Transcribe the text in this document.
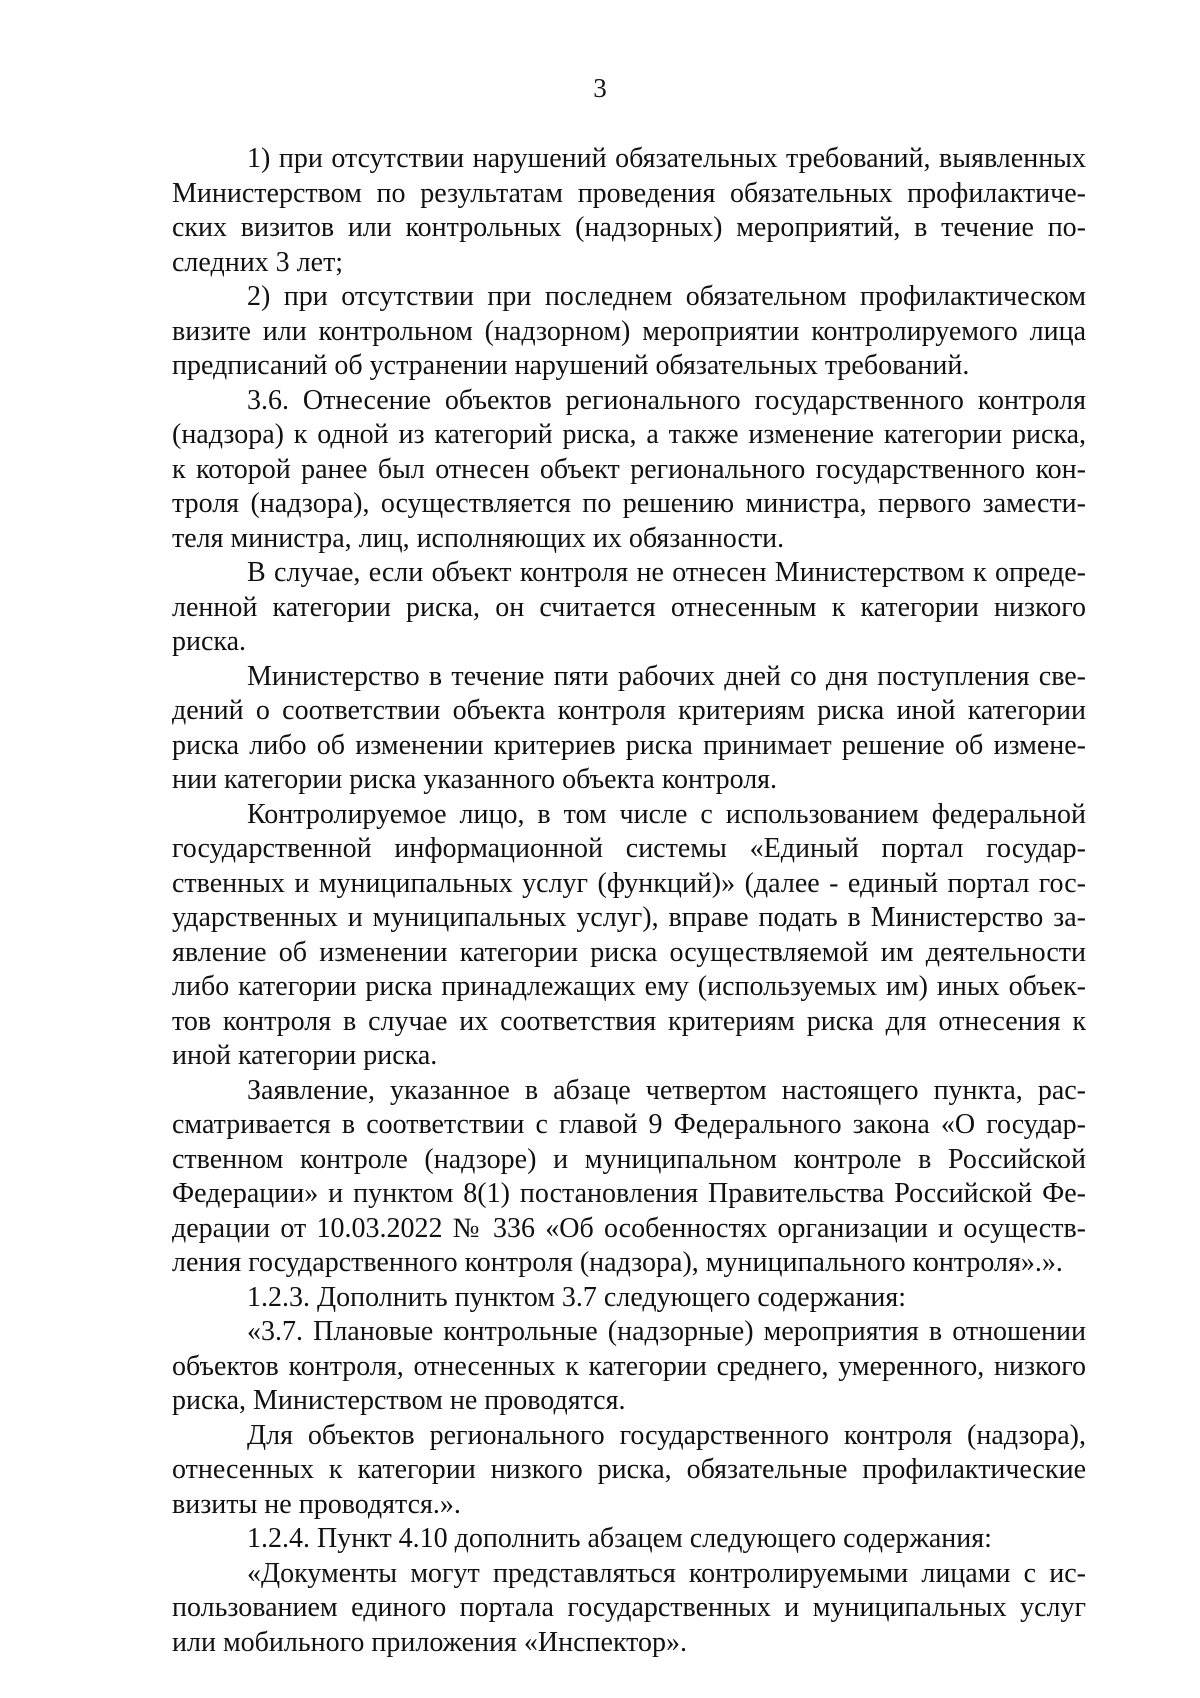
3
1) при отсутствии нарушений обязательных требований, выявленных
Министерством по результатам проведения обязательных профилактиче-
ских визитов или контрольных (надзорных) мероприятий, в течение по-
следних 3 лет;
2) при отсутствии при последнем обязательном профилактическом
визите или контрольном (надзорном) мероприятии контролируемого лица
предписаний об устранении нарушений обязательных требований.
3.6. Отнесение объектов регионального государственного контроля
(надзора) к одной из категорий риска, а также изменение категории риска,
к которой ранее был отнесен объект регионального государственного кон-
троля (надзора), осуществляется по решению министра, первого замести-
теля министра, лиц, исполняющих их обязанности.
В случае, если объект контроля не отнесен Министерством к опреде-
ленной категории риска, он считается отнесенным к категории низкого
риска.
Министерство в течение пяти рабочих дней со дня поступления све-
дений о соответствии объекта контроля критериям риска иной категории
риска либо об изменении критериев риска принимает решение об измене-
нии категории риска указанного объекта контроля.
Контролируемое лицо, в том числе с использованием федеральной
государственной информационной системы «Единый портал государ-
ственных и муниципальных услуг (функций)» (далее - единый портал гос-
ударственных и муниципальных услуг), вправе подать в Министерство за-
явление об изменении категории риска осуществляемой им деятельности
либо категории риска принадлежащих ему (используемых им) иных объек-
тов контроля в случае их соответствия критериям риска для отнесения к
иной категории риска.
Заявление, указанное в абзаце четвертом настоящего пункта, рас-
сматривается в соответствии с главой 9 Федерального закона «О государ-
ственном контроле (надзоре) и муниципальном контроле в Российской
Федерации» и пунктом 8(1) постановления Правительства Российской Фе-
дерации от 10.03.2022 № 336 «Об особенностях организации и осуществ-
ления государственного контроля (надзора), муниципального контроля».».
1.2.3. Дополнить пунктом 3.7 следующего содержания:
«3.7. Плановые контрольные (надзорные) мероприятия в отношении
объектов контроля, отнесенных к категории среднего, умеренного, низкого
риска, Министерством не проводятся.
Для объектов регионального государственного контроля (надзора),
отнесенных к категории низкого риска, обязательные профилактические
визиты не проводятся.».
1.2.4. Пункт 4.10 дополнить абзацем следующего содержания:
«Документы могут представляться контролируемыми лицами с ис-
пользованием единого портала государственных и муниципальных услуг
или мобильного приложения «Инспектор».
